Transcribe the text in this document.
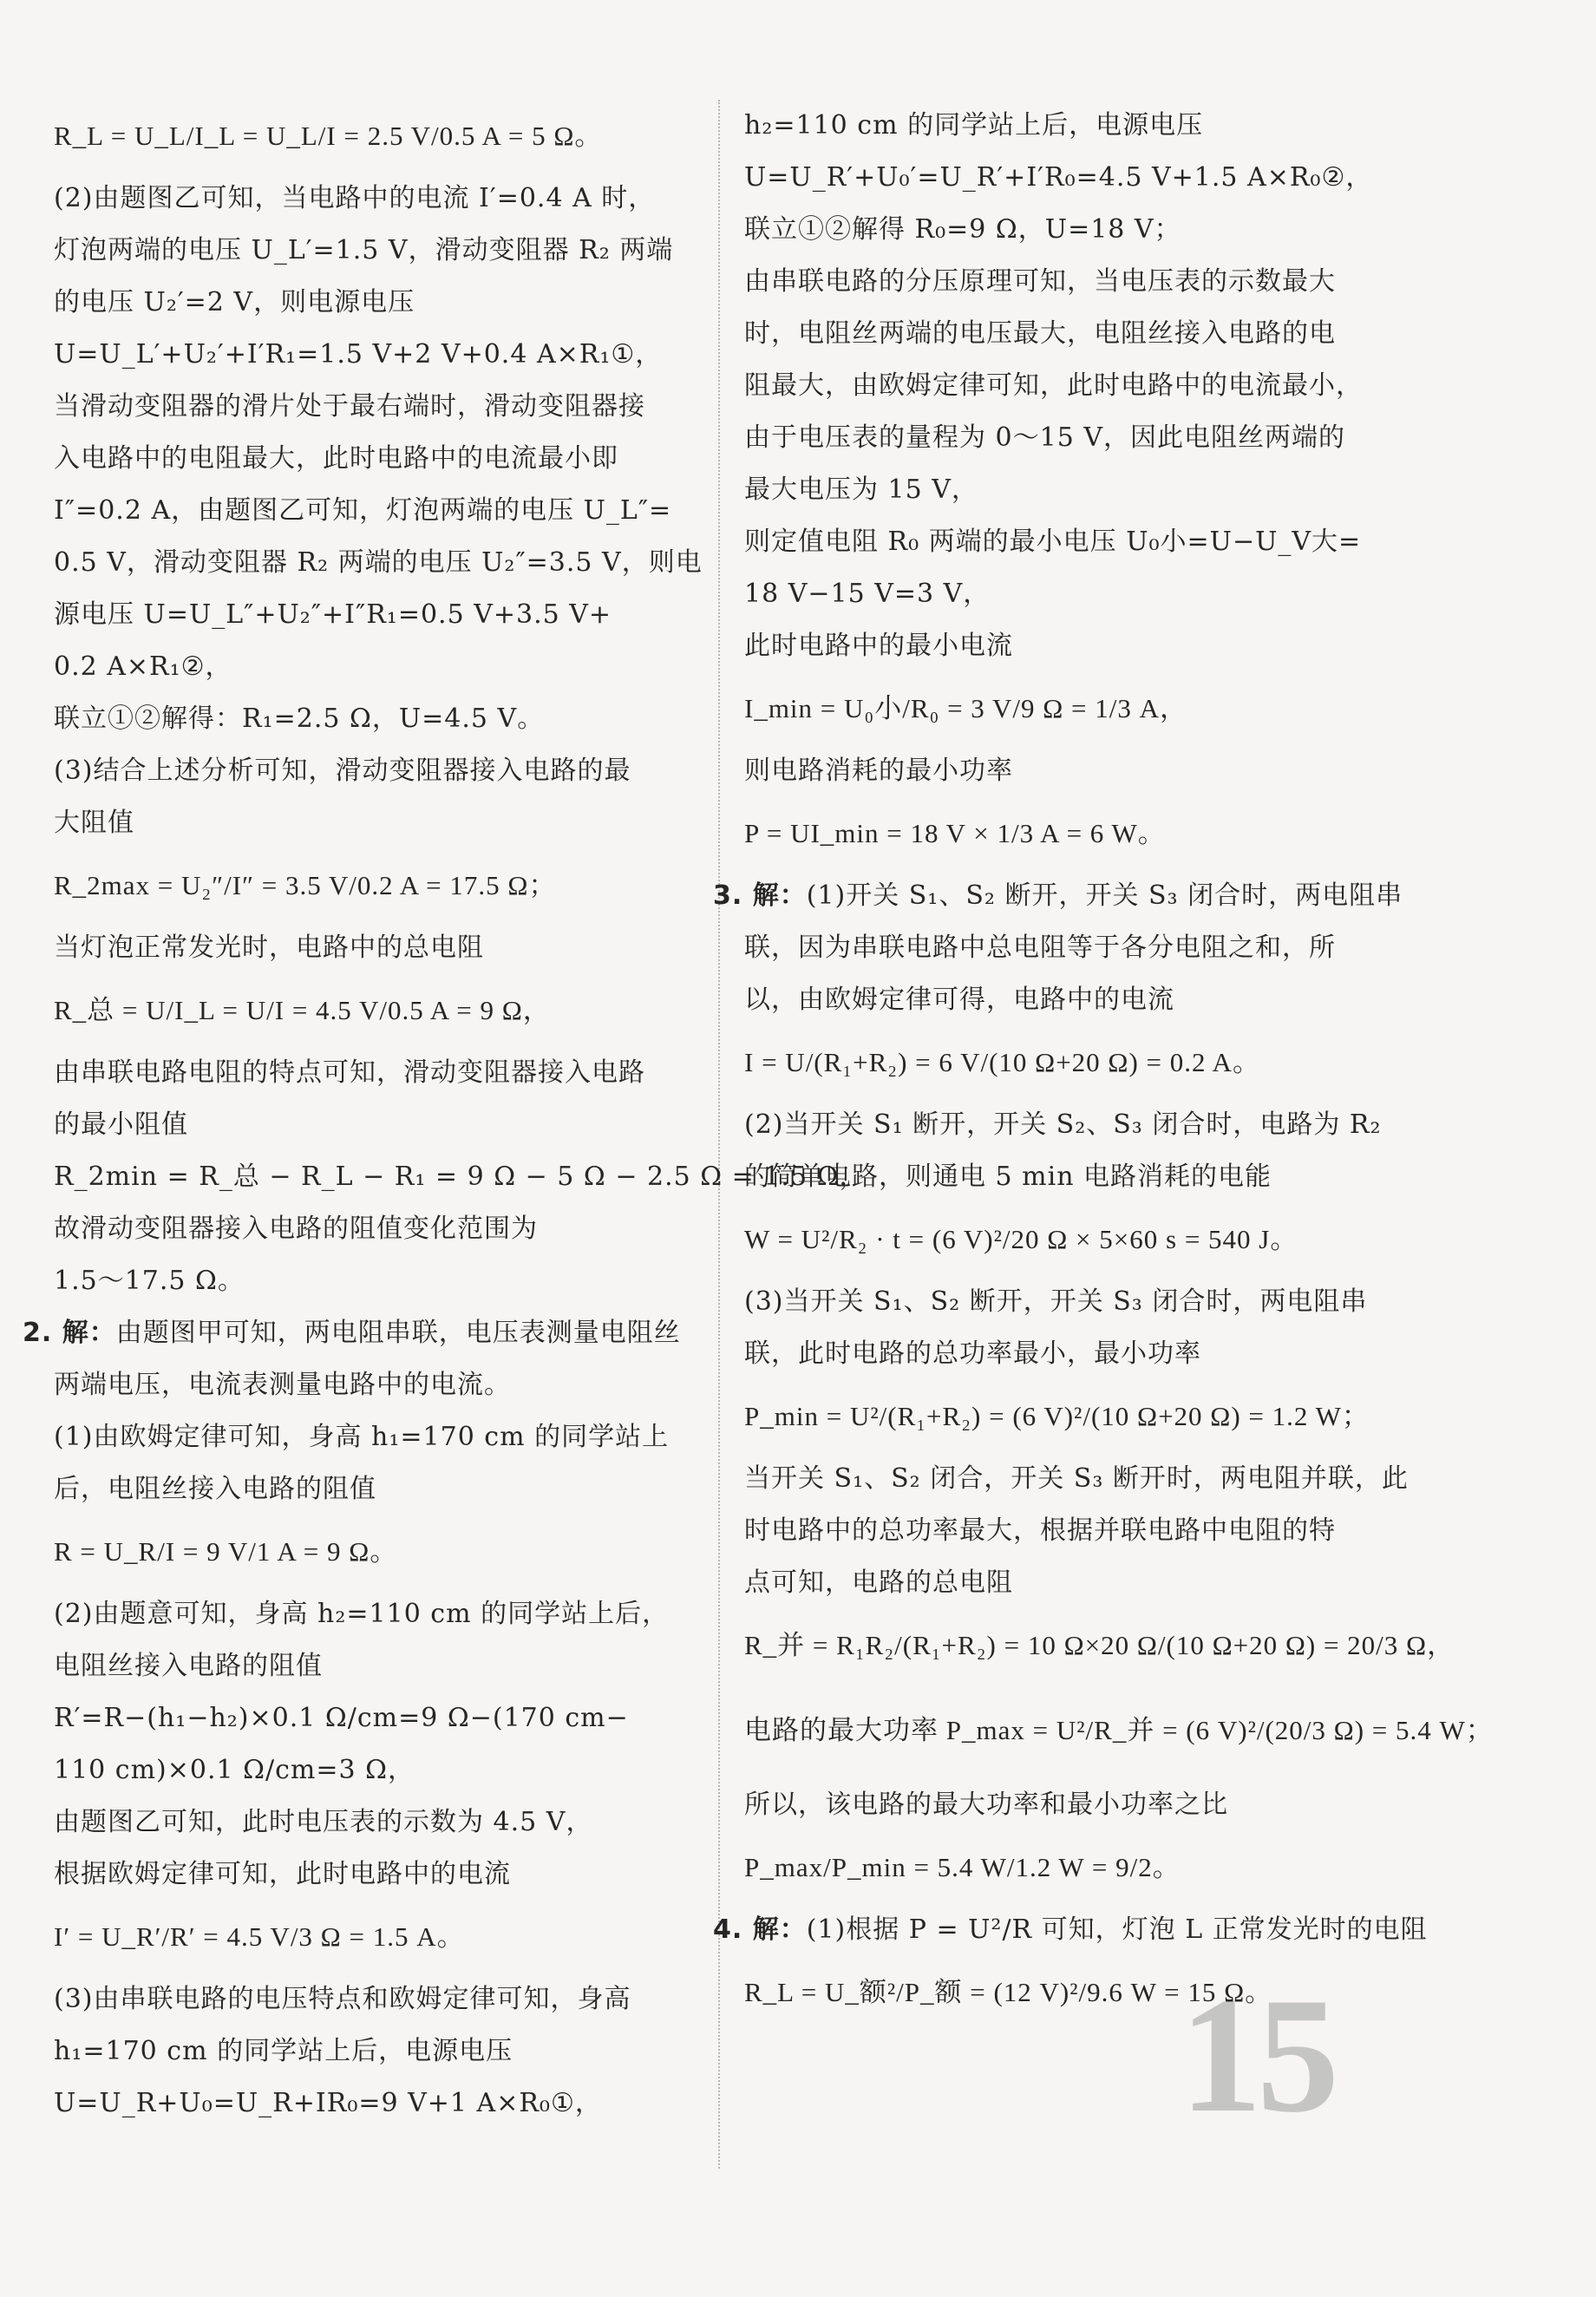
R_L = U_L/I_L = U_L/I = 2.5 V/0.5 A = 5 Ω。
(2)由题图乙可知，当电路中的电流 I′=0.4 A 时，
灯泡两端的电压 U_L′=1.5 V，滑动变阻器 R₂ 两端
的电压 U₂′=2 V，则电源电压
U=U_L′+U₂′+I′R₁=1.5 V+2 V+0.4 A×R₁①，
当滑动变阻器的滑片处于最右端时，滑动变阻器接
入电路中的电阻最大，此时电路中的电流最小即
I″=0.2 A，由题图乙可知，灯泡两端的电压 U_L″=
0.5 V，滑动变阻器 R₂ 两端的电压 U₂″=3.5 V，则电
源电压 U=U_L″+U₂″+I″R₁=0.5 V+3.5 V+
0.2 A×R₁②，
联立①②解得：R₁=2.5 Ω，U=4.5 V。
(3)结合上述分析可知，滑动变阻器接入电路的最
大阻值
R_2max = U₂″/I″ = 3.5 V/0.2 A = 17.5 Ω；
当灯泡正常发光时，电路中的总电阻
R_总 = U/I_L = U/I = 4.5 V/0.5 A = 9 Ω，
由串联电路电阻的特点可知，滑动变阻器接入电路
的最小阻值
R_2min = R_总 − R_L − R₁ = 9 Ω − 5 Ω − 2.5 Ω = 1.5 Ω，
故滑动变阻器接入电路的阻值变化范围为
1.5～17.5 Ω。
2. 解：由题图甲可知，两电阻串联，电压表测量电阻丝
两端电压，电流表测量电路中的电流。
(1)由欧姆定律可知，身高 h₁=170 cm 的同学站上
后，电阻丝接入电路的阻值
R = U_R/I = 9 V/1 A = 9 Ω。
(2)由题意可知，身高 h₂=110 cm 的同学站上后，
电阻丝接入电路的阻值
R′=R−(h₁−h₂)×0.1 Ω/cm=9 Ω−(170 cm−
110 cm)×0.1 Ω/cm=3 Ω，
由题图乙可知，此时电压表的示数为 4.5 V，
根据欧姆定律可知，此时电路中的电流
I′ = U_R′/R′ = 4.5 V/3 Ω = 1.5 A。
(3)由串联电路的电压特点和欧姆定律可知，身高
h₁=170 cm 的同学站上后，电源电压
U=U_R+U₀=U_R+IR₀=9 V+1 A×R₀①，
h₂=110 cm 的同学站上后，电源电压
U=U_R′+U₀′=U_R′+I′R₀=4.5 V+1.5 A×R₀②，
联立①②解得 R₀=9 Ω，U=18 V；
由串联电路的分压原理可知，当电压表的示数最大
时，电阻丝两端的电压最大，电阻丝接入电路的电
阻最大，由欧姆定律可知，此时电路中的电流最小，
由于电压表的量程为 0～15 V，因此电阻丝两端的
最大电压为 15 V，
则定值电阻 R₀ 两端的最小电压 U₀小=U−U_V大=
18 V−15 V=3 V，
此时电路中的最小电流
I_min = U₀小/R₀ = 3 V/9 Ω = 1/3 A，
则电路消耗的最小功率
P = UI_min = 18 V × 1/3 A = 6 W。
3. 解：(1)开关 S₁、S₂ 断开，开关 S₃ 闭合时，两电阻串
联，因为串联电路中总电阻等于各分电阻之和，所
以，由欧姆定律可得，电路中的电流
I = U/(R₁+R₂) = 6 V/(10 Ω+20 Ω) = 0.2 A。
(2)当开关 S₁ 断开，开关 S₂、S₃ 闭合时，电路为 R₂
的简单电路，则通电 5 min 电路消耗的电能
W = U²/R₂ · t = (6 V)²/20 Ω × 5×60 s = 540 J。
(3)当开关 S₁、S₂ 断开，开关 S₃ 闭合时，两电阻串
联，此时电路的总功率最小，最小功率
P_min = U²/(R₁+R₂) = (6 V)²/(10 Ω+20 Ω) = 1.2 W；
当开关 S₁、S₂ 闭合，开关 S₃ 断开时，两电阻并联，此
时电路中的总功率最大，根据并联电路中电阻的特
点可知，电路的总电阻
R_并 = R₁R₂/(R₁+R₂) = 10 Ω×20 Ω/(10 Ω+20 Ω) = 20/3 Ω，
电路的最大功率 P_max = U²/R_并 = (6 V)²/(20/3 Ω) = 5.4 W；
所以，该电路的最大功率和最小功率之比
P_max/P_min = 5.4 W/1.2 W = 9/2。
4. 解：(1)根据 P = U²/R 可知，灯泡 L 正常发光时的电阻
R_L = U_额²/P_额 = (12 V)²/9.6 W = 15 Ω。
15
